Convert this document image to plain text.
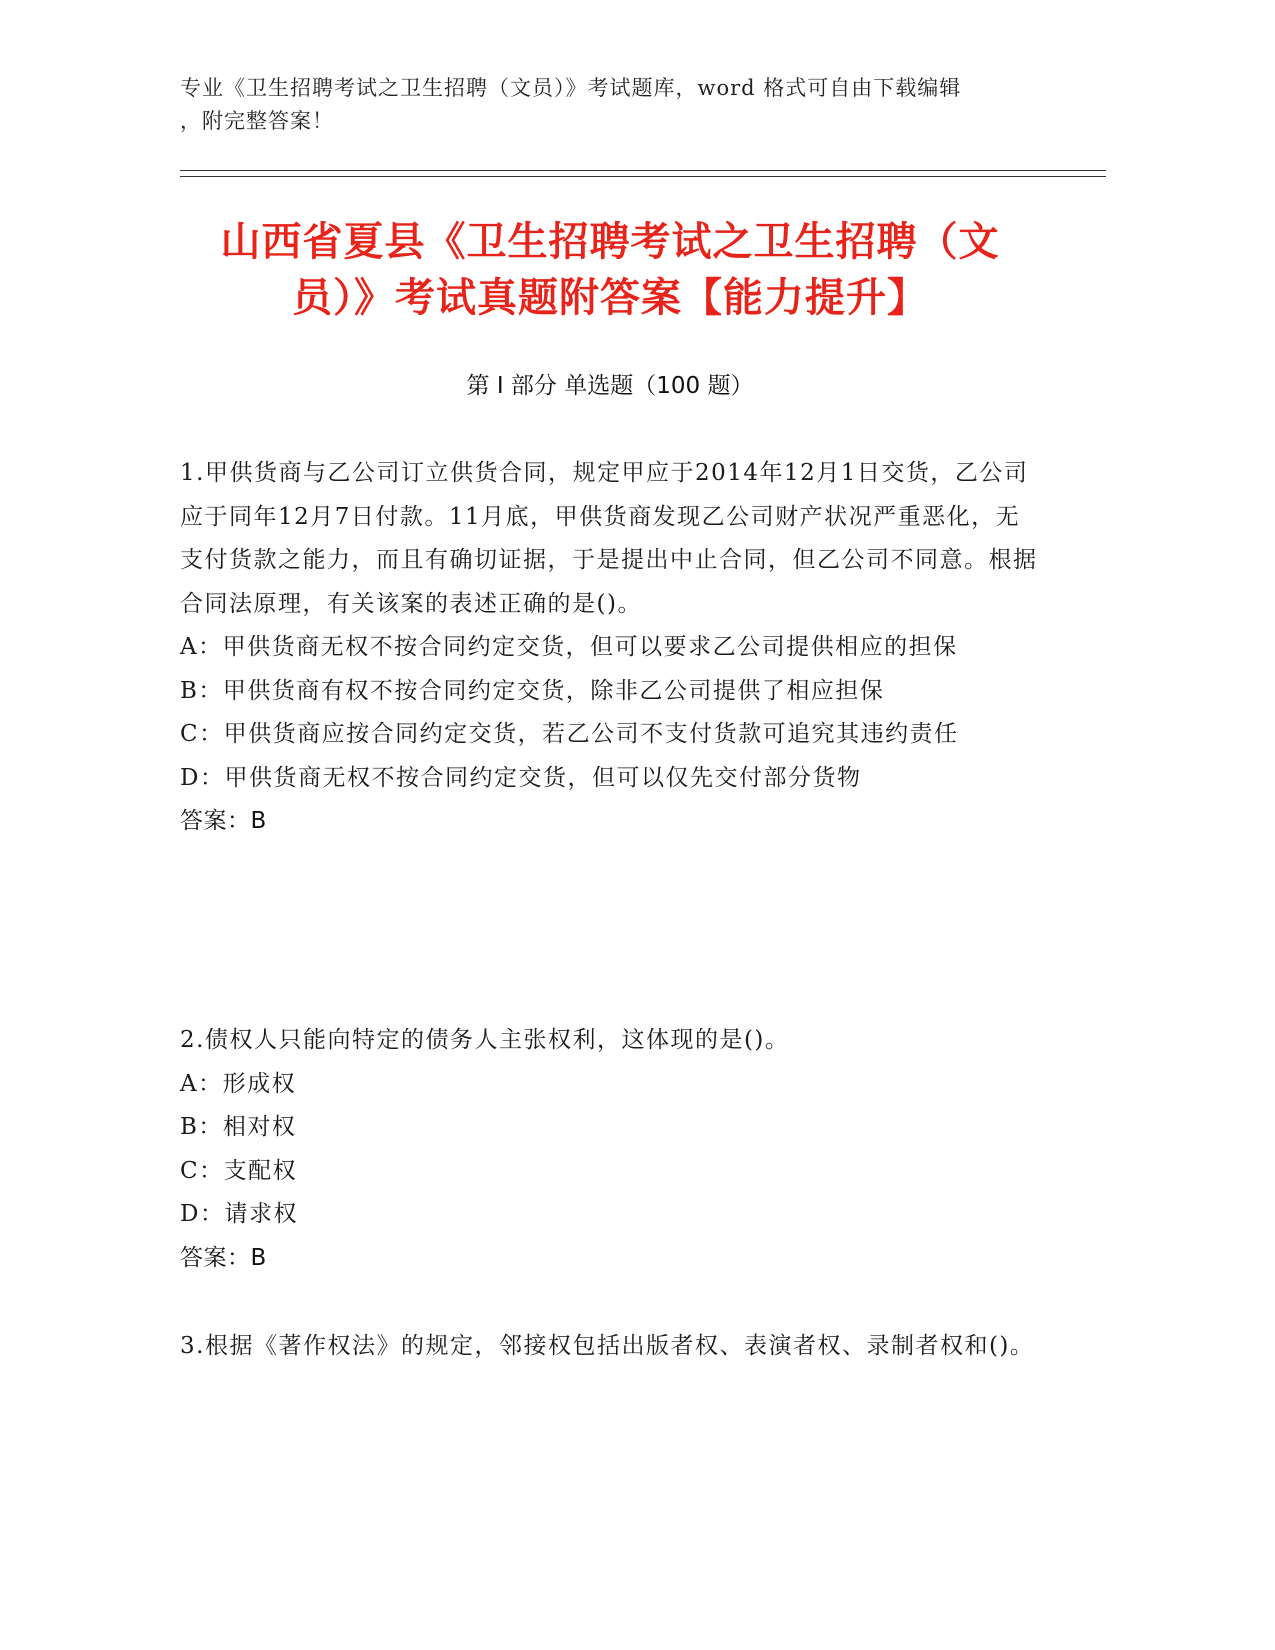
专业《卫生招聘考试之卫生招聘（文员）》考试题库，word 格式可自由下载编辑
，附完整答案！
山西省夏县《卫生招聘考试之卫生招聘（文
员）》考试真题附答案【能力提升】
第 I 部分 单选题（100 题）

1.甲供货商与乙公司订立供货合同，规定甲应于2014年12月1日交货，乙公司应于同年12月7日付款。11月底，甲供货商发现乙公司财产状况严重恶化，无支付货款之能力，而且有确切证据，于是提出中止合同，但乙公司不同意。根据合同法原理，有关该案的表述正确的是()。

A：甲供货商无权不按合同约定交货，但可以要求乙公司提供相应的担保

B：甲供货商有权不按合同约定交货，除非乙公司提供了相应担保

C：甲供货商应按合同约定交货，若乙公司不支付货款可追究其违约责任

D：甲供货商无权不按合同约定交货，但可以仅先交付部分货物

答案：B

2.债权人只能向特定的债务人主张权利，这体现的是()。

A：形成权

B：相对权

C：支配权

D：请求权

答案：B

3.根据《著作权法》的规定，邻接权包括出版者权、表演者权、录制者权和()。
